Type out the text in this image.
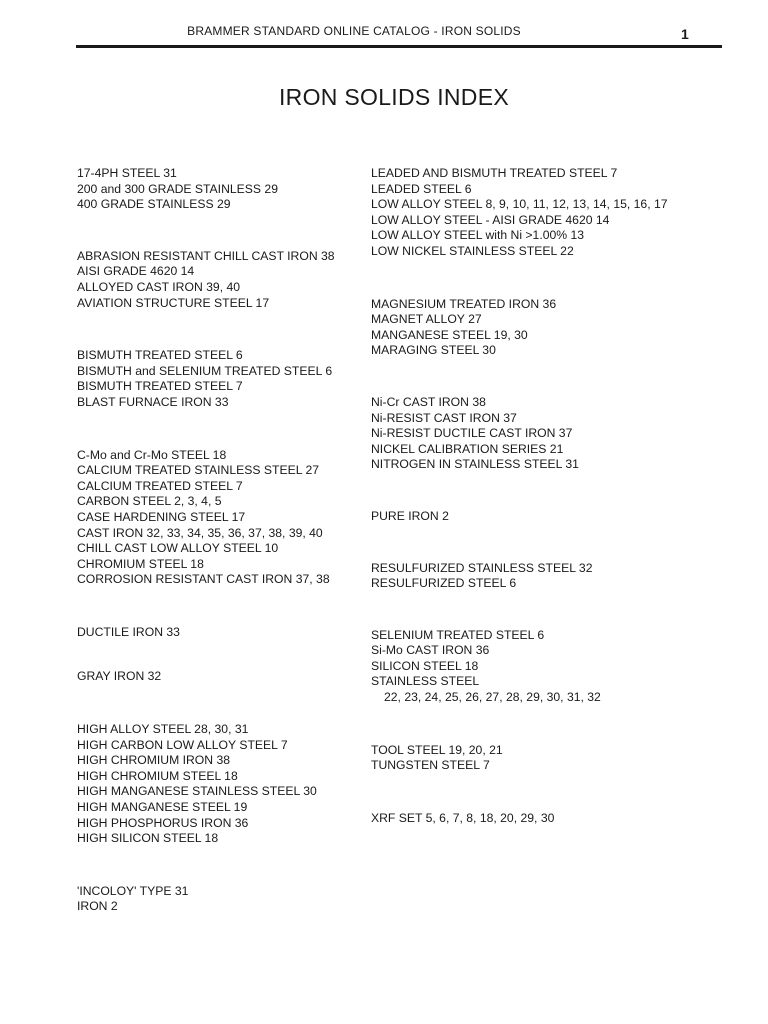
BRAMMER STANDARD ONLINE CATALOG - IRON SOLIDS	1
IRON SOLIDS INDEX
17-4PH STEEL 31
200 and 300 GRADE STAINLESS 29
400 GRADE STAINLESS 29
ABRASION RESISTANT CHILL CAST IRON 38
AISI GRADE 4620 14
ALLOYED CAST IRON 39, 40
AVIATION STRUCTURE STEEL 17
BISMUTH TREATED STEEL 6
BISMUTH and SELENIUM TREATED STEEL 6
BISMUTH TREATED STEEL 7
BLAST FURNACE IRON 33
C-Mo and Cr-Mo STEEL 18
CALCIUM TREATED STAINLESS STEEL 27
CALCIUM TREATED STEEL 7
CARBON STEEL 2, 3, 4, 5
CASE HARDENING STEEL 17
CAST IRON 32, 33, 34, 35, 36, 37, 38, 39, 40
CHILL CAST LOW ALLOY STEEL 10
CHROMIUM STEEL 18
CORROSION RESISTANT CAST IRON 37, 38
DUCTILE IRON 33
GRAY IRON 32
HIGH ALLOY STEEL 28, 30, 31
HIGH CARBON LOW ALLOY STEEL 7
HIGH CHROMIUM IRON 38
HIGH CHROMIUM STEEL 18
HIGH MANGANESE STAINLESS STEEL 30
HIGH MANGANESE STEEL 19
HIGH PHOSPHORUS IRON 36
HIGH SILICON STEEL 18
'INCOLOY' TYPE 31
IRON 2
LEADED AND BISMUTH TREATED STEEL 7
LEADED STEEL 6
LOW ALLOY STEEL 8, 9, 10, 11, 12, 13, 14, 15, 16, 17
LOW ALLOY STEEL - AISI GRADE 4620 14
LOW ALLOY STEEL with Ni >1.00% 13
LOW NICKEL STAINLESS STEEL 22
MAGNESIUM TREATED IRON 36
MAGNET ALLOY 27
MANGANESE STEEL 19, 30
MARAGING STEEL 30
Ni-Cr CAST IRON 38
Ni-RESIST CAST IRON 37
Ni-RESIST DUCTILE CAST IRON 37
NICKEL CALIBRATION SERIES 21
NITROGEN IN STAINLESS STEEL 31
PURE IRON 2
RESULFURIZED STAINLESS STEEL 32
RESULFURIZED STEEL 6
SELENIUM TREATED STEEL 6
Si-Mo CAST IRON 36
SILICON STEEL 18
STAINLESS STEEL
22, 23, 24, 25, 26, 27, 28, 29, 30, 31, 32
TOOL STEEL 19, 20, 21
TUNGSTEN STEEL 7
XRF SET 5, 6, 7, 8, 18, 20, 29, 30
